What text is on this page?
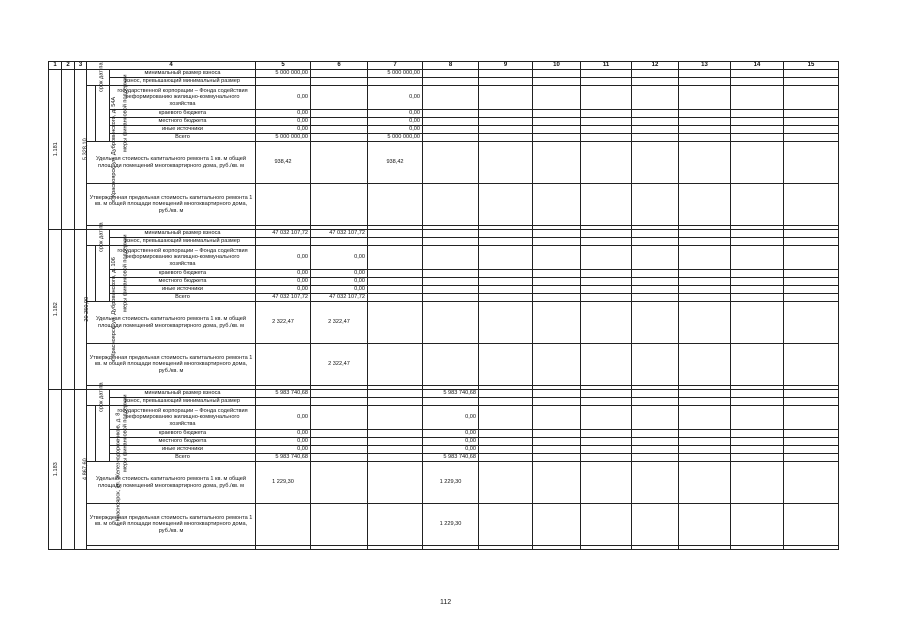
1	2	3	4			5	6	7	8	9	10	11	12	13	14	15
1.181	г. Красноярск, ул. Дубровинского, д. 54А	5 328,10	срок дат па		минимальный размер взноса	5 000 000,00		5 000 000,00								
					взнос, превышающий минимальный размер											
			меры финансовой поддержки		государственной корпорации – Фонда содействия реформированию жилищно-коммунального хозяйства	0,00		0,00								
					краевого бюджета	0,00		0,00								
					местного бюджета	0,00		0,00								
					иные источники	0,00		0,00								
					Всего	5 000 000,00		5 000 000,00								
			Удельная стоимость капитального ремонта 1 кв. м общей площади помещений многоквартирного дома, руб./кв. м			938,42		938,42								
			Утвержденная предельная стоимость капитального ремонта 1 кв. м общей площади помещений многоквартирного дома, руб./кв. м													

1.182	г. Красноярск, ул. Дубровинского, д. 106	20 250,90	срок дат па		минимальный размер взноса	47 032 107,72	47 032 107,72									
					взнос, превышающий минимальный размер											
			меры финансовой поддержки		государственной корпорации – Фонда содействия реформированию жилищно-коммунального хозяйства	0,00	0,00									
					краевого бюджета	0,00	0,00									
					местного бюджета	0,00	0,00									
					иные источники	0,00	0,00									
					Всего	47 032 107,72	47 032 107,72									
			Удельная стоимость капитального ремонта 1 кв. м общей площади помещений многоквартирного дома, руб./кв. м			2 322,47	2 322,47									
			Утвержденная предельная стоимость капитального ремонта 1 кв. м общей площади помещений многоквартирного дома, руб./кв. м				2 322,47									

1.183	г. Красноярск, ул. Железнодорожников, д. 8	4 867,60	срок дат па		минимальный размер взноса	5 983 740,68			5 983 740,68							
					взнос, превышающий минимальный размер											
			меры финансовой поддержки		государственной корпорации – Фонда содействия реформированию жилищно-коммунального хозяйства	0,00			0,00							
					краевого бюджета	0,00			0,00							
					местного бюджета	0,00			0,00							
					иные источники	0,00			0,00							
					Всего	5 983 740,68			5 983 740,68							
			Удельная стоимость капитального ремонта 1 кв. м общей площади помещений многоквартирного дома, руб./кв. м			1 229,30			1 229,30							
			Утвержденная предельная стоимость капитального ремонта 1 кв. м общей площади помещений многоквартирного дома, руб./кв. м						1 229,30							

112
